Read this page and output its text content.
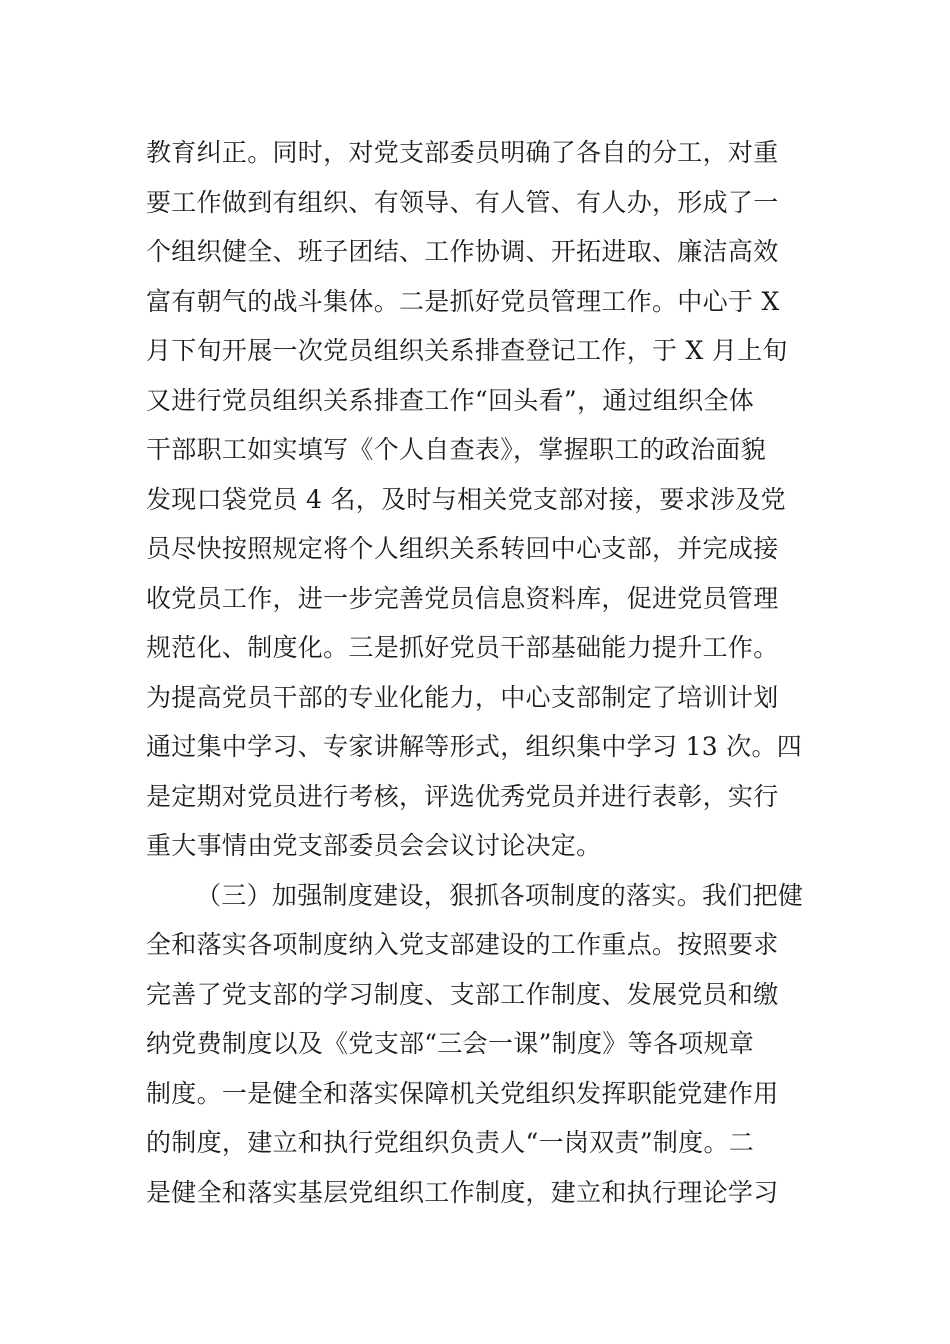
教育纠正。同时，对党支部委员明确了各自的分工，对重
要工作做到有组织、有领导、有人管、有人办，形成了一
个组织健全、班子团结、工作协调、开拓进取、廉洁高效
富有朝气的战斗集体。二是抓好党员管理工作。中心于 X
月下旬开展一次党员组织关系排查登记工作，于 X 月上旬
又进行党员组织关系排查工作“回头看”，通过组织全体
干部职工如实填写《个人自查表》，掌握职工的政治面貌
发现口袋党员 4 名，及时与相关党支部对接，要求涉及党
员尽快按照规定将个人组织关系转回中心支部，并完成接
收党员工作，进一步完善党员信息资料库，促进党员管理
规范化、制度化。三是抓好党员干部基础能力提升工作。
为提高党员干部的专业化能力，中心支部制定了培训计划
通过集中学习、专家讲解等形式，组织集中学习 13 次。四
是定期对党员进行考核，评选优秀党员并进行表彰，实行
重大事情由党支部委员会会议讨论决定。
（三）加强制度建设，狠抓各项制度的落实。我们把健
全和落实各项制度纳入党支部建设的工作重点。按照要求
完善了党支部的学习制度、支部工作制度、发展党员和缴
纳党费制度以及《党支部“三会一课”制度》等各项规章
制度。一是健全和落实保障机关党组织发挥职能党建作用
的制度，建立和执行党组织负责人“一岗双责”制度。二
是健全和落实基层党组织工作制度，建立和执行理论学习
